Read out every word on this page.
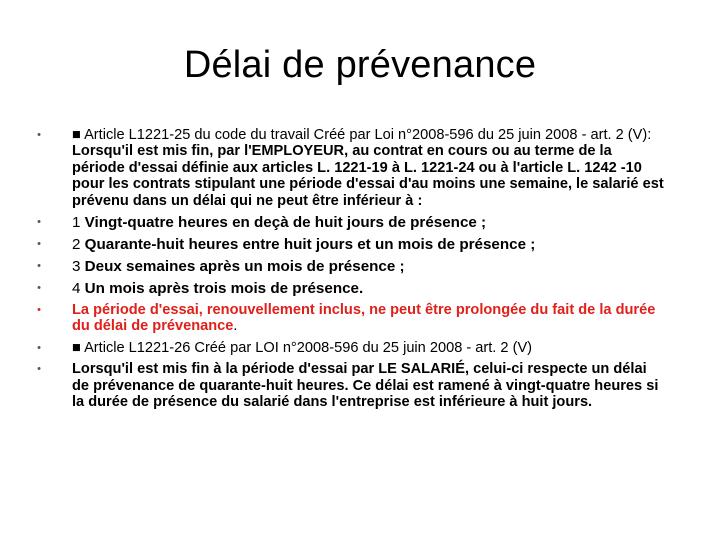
Délai de prévenance
• ■ Article L1221-25 du code du travail Créé par Loi n°2008-596 du 25 juin 2008 - art. 2 (V): Lorsqu'il est mis fin, par l'EMPLOYEUR, au contrat en cours ou au terme de la période d'essai définie aux articles L. 1221-19 à L. 1221-24 ou à l'article L. 1242 -10 pour les contrats stipulant une période d'essai d'au moins une semaine, le salarié est prévenu dans un délai qui ne peut être inférieur à :
• 1 Vingt-quatre heures en deçà de huit jours de présence ;
• 2 Quarante-huit heures entre huit jours et un mois de présence ;
• 3 Deux semaines après un mois de présence ;
• 4 Un mois après trois mois de présence.
• La période d'essai, renouvellement inclus, ne peut être prolongée du fait de la durée du délai de prévenance.
• ■ Article L1221-26 Créé par LOI n°2008-596 du 25 juin 2008 - art. 2 (V)
• Lorsqu'il est mis fin à la période d'essai par LE SALARIÉ, celui-ci respecte un délai de prévenance de quarante-huit heures. Ce délai est ramené à vingt-quatre heures si la durée de présence du salarié dans l'entreprise est inférieure à huit jours.
